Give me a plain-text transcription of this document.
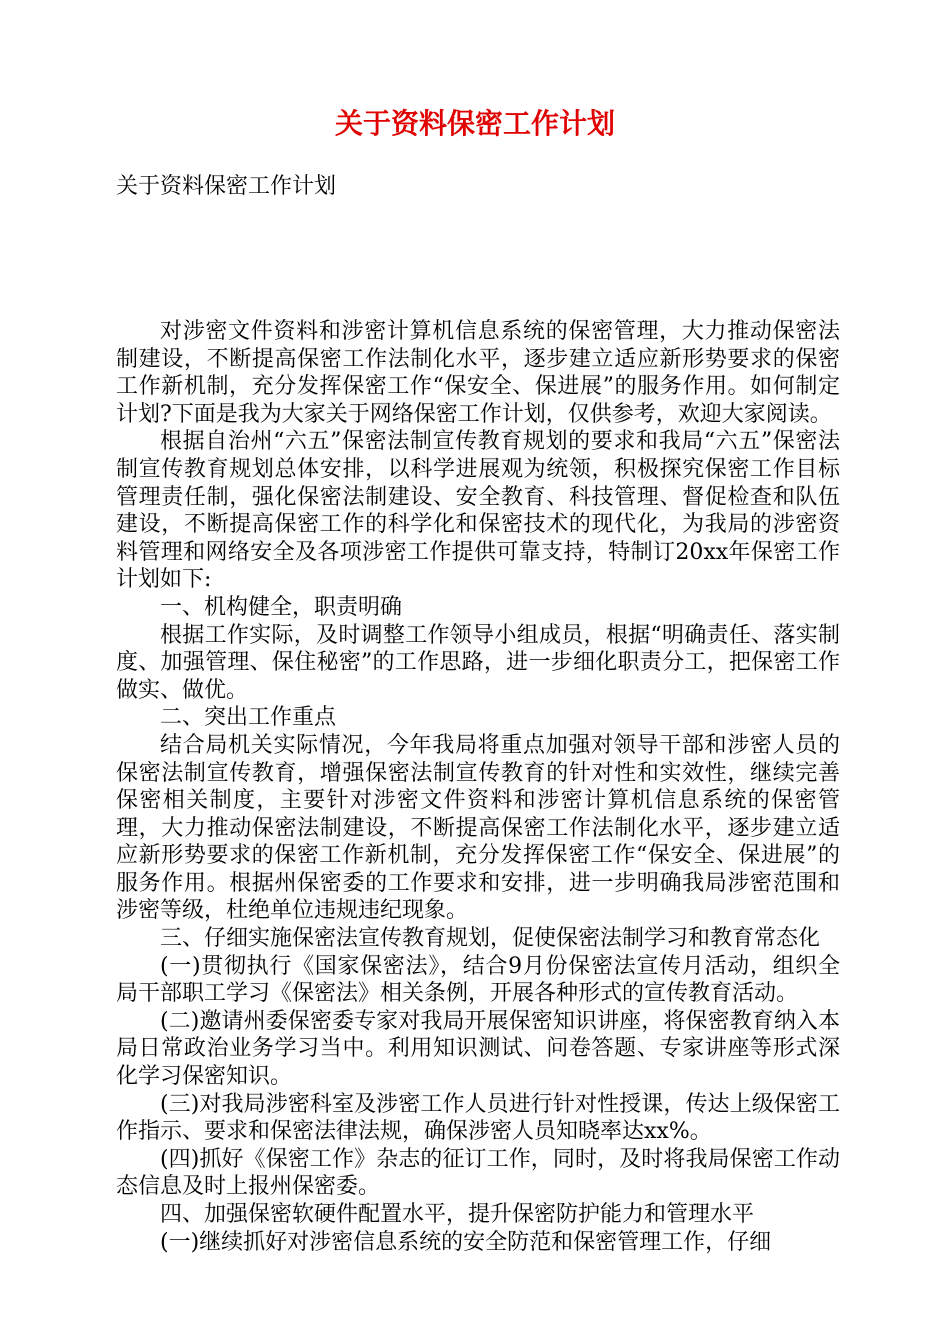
关于资料保密工作计划
关于资料保密工作计划

对涉密文件资料和涉密计算机信息系统的保密管理，大力推动保密法制建设，不断提高保密工作法制化水平，逐步建立适应新形势要求的保密工作新机制，充分发挥保密工作“保安全、保进展”的服务作用。如何制定计划?下面是我为大家关于网络保密工作计划，仅供参考，欢迎大家阅读。

根据自治州“六五”保密法制宣传教育规划的要求和我局“六五”保密法制宣传教育规划总体安排，以科学进展观为统领，积极探究保密工作目标管理责任制，强化保密法制建设、安全教育、科技管理、督促检查和队伍建设，不断提高保密工作的科学化和保密技术的现代化，为我局的涉密资料管理和网络安全及各项涉密工作提供可靠支持，特制订20xx年保密工作计划如下:

一、机构健全，职责明确

根据工作实际，及时调整工作领导小组成员，根据“明确责任、落实制度、加强管理、保住秘密”的工作思路，进一步细化职责分工，把保密工作做实、做优。

二、突出工作重点

结合局机关实际情况，今年我局将重点加强对领导干部和涉密人员的保密法制宣传教育，增强保密法制宣传教育的针对性和实效性，继续完善保密相关制度，主要针对涉密文件资料和涉密计算机信息系统的保密管理，大力推动保密法制建设，不断提高保密工作法制化水平，逐步建立适应新形势要求的保密工作新机制，充分发挥保密工作“保安全、保进展”的服务作用。根据州保密委的工作要求和安排，进一步明确我局涉密范围和涉密等级，杜绝单位违规违纪现象。

三、仔细实施保密法宣传教育规划，促使保密法制学习和教育常态化

(一)贯彻执行《国家保密法》，结合9月份保密法宣传月活动，组织全局干部职工学习《保密法》相关条例，开展各种形式的宣传教育活动。

(二)邀请州委保密委专家对我局开展保密知识讲座，将保密教育纳入本局日常政治业务学习当中。利用知识测试、问卷答题、专家讲座等形式深化学习保密知识。

(三)对我局涉密科室及涉密工作人员进行针对性授课，传达上级保密工作指示、要求和保密法律法规，确保涉密人员知晓率达xx%。

(四)抓好《保密工作》杂志的征订工作，同时，及时将我局保密工作动态信息及时上报州保密委。

四、加强保密软硬件配置水平，提升保密防护能力和管理水平

(一)继续抓好对涉密信息系统的安全防范和保密管理工作，仔细
